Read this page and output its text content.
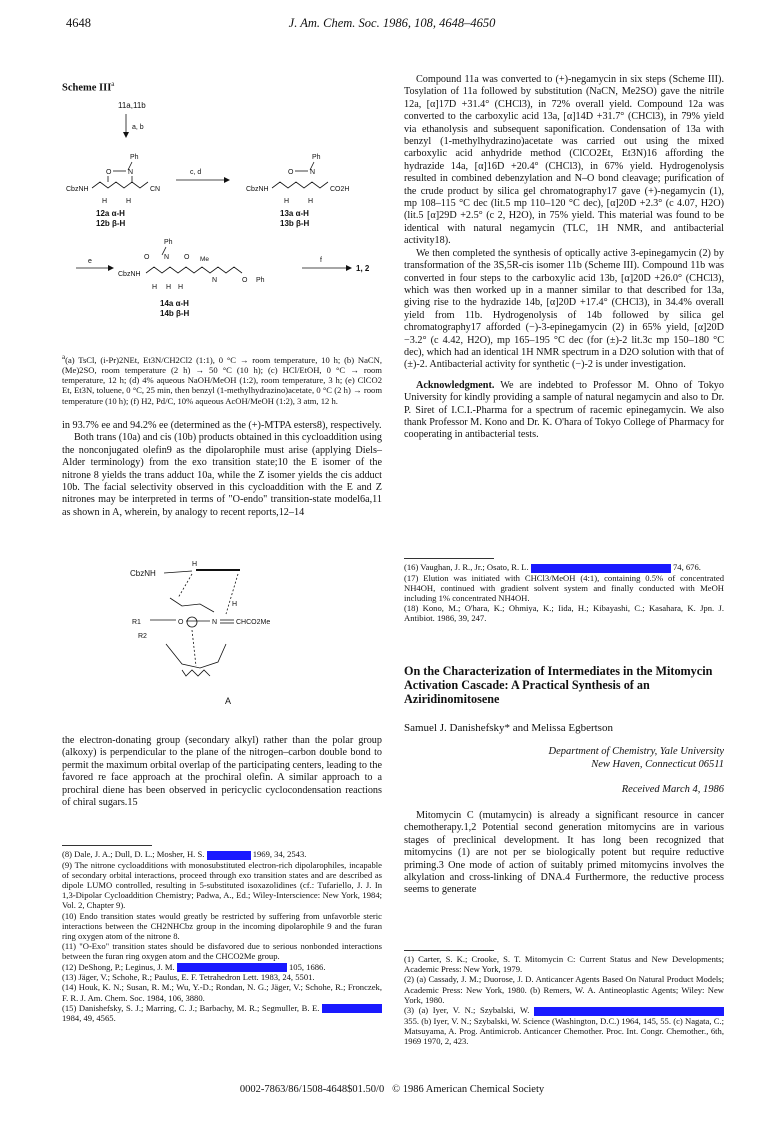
4648	J. Am. Chem. Soc. 1986, 108, 4648–4650
Scheme III$^a$
11a,11b
a, b
Ph
O N
CbzNH	CN
H	H
12a α-H
12b β-H
c, d
Ph
O N
CbzNH	CO2H
H	H
13a α-H
13b β-H
e
Ph
O N
CbzNH
O Me
N	O Ph
H H H
14a α-H
14b β-H
f
1, 2
$^a$(a) TsCl, (i-Pr)2NEt, Et3N/CH2Cl2 (1:1), 0 °C → room temperature, 10 h; (b) NaCN, (Me)2SO, room temperature (2 h) → 50 °C (10 h); (c) HCl/EtOH, 0 °C → room temperature, 12 h; (d) 4% aqueous NaOH/MeOH (1:2), room temperature, 3 h; (e) ClCO2 Et, Et3N, toluene, 0 °C, 25 min, then benzyl (1-methylhydrazino)acetate, 0 °C (2 h) → room temperature (10 h); (f) H2, Pd/C, 10% aqueous AcOH/MeOH (1:2), 3 atm, 12 h.

in 93.7% ee and 94.2% ee (determined as the (+)-MTPA esters8), respectively.

Both trans (10a) and cis (10b) products obtained in this cycloaddition using the nonconjugated olefin9 as the dipolarophile must arise (applying Diels–Alder terminology) from the exo transition state;10 the E isomer of the nitrone 8 yields the trans adduct 10a, while the Z isomer yields the cis adduct 10b. The facial selectivity observed in this cycloaddition with the E and Z nitrones may be interpreted in terms of "O-endo" transition-state model6a,11 as shown in A, wherein, by analogy to recent reports,12–14

CbzNH
H
H
R1
R2
O	N	CHCO2Me
A

the electron-donating group (secondary alkyl) rather than the polar group (alkoxy) is perpendicular to the plane of the nitrogen–carbon double bond to permit the maximum orbital overlap of the participating centers, leading to the favored re face approach at the prochiral olefin. A similar approach to a prochiral diene has been observed in pericyclic cyclocondensation reactions of chiral sugars.15

(8) Dale, J. A.; Dull, D. L.; Mosher, H. S.	1969, 34, 2543.
(9) The nitrone cycloadditions with monosubstituted electron-rich dipolarophiles, incapable of secondary orbital interactions, proceed through exo transition states and are described as dipole LUMO controlled, resulting in 5-substituted isoxazolidines (cf.: Tufariello, J. J. In 1,3-Dipolar Cycloaddition Chemistry; Padwa, A., Ed.; Wiley-Interscience: New York, 1984; Vol. 2, Chapter 9).
(10) Endo transition states would greatly be restricted by suffering from unfavorble steric interactions between the CH2NHCbz group in the incoming dipolarophile 9 and the furan ring oxygen atom of the nitrone 8.
(11) "O-Exo" transition states should be disfavored due to serious nonbonded interactions between the furan ring oxygen atom and the CHCO2Me group.
(12) DeShong, P.; Leginus, J. M.	105, 1686.
(13) Jäger, V.; Schohe, R.; Paulus, E. F. Tetrahedron Lett. 1983, 24, 5501.
(14) Houk, K. N.; Susan, R. M.; Wu, Y.-D.; Rondan, N. G.; Jäger, V.; Schohe, R.; Fronczek, F. R. J. Am. Chem. Soc. 1984, 106, 3880.
(15) Danishefsky, S. J.; Marring, C. J.; Barbachy, M. R.; Segmuller, B. E.  1984, 49, 4565.

Compound 11a was converted to (+)-negamycin in six steps (Scheme III). Tosylation of 11a followed by substitution (NaCN, Me2SO) gave the nitrile 12a, [α]17D +31.4° (CHCl3), in 72% overall yield. Compound 12a was converted to the carboxylic acid 13a, [α]14D +31.7° (CHCl3), in 79% yield via ethanolysis and subsequent saponification. Condensation of 13a with benzyl (1-methylhydrazino)acetate was carried out using the mixed carboxylic acid anhydride method (ClCO2Et, Et3N)16 affording the hydrazide 14a, [α]16D +20.4° (CHCl3), in 67% yield. Hydrogenolysis resulted in combined debenzylation and N–O bond cleavage; purification of the crude product by silica gel chromatography17 gave (+)-negamycin (1), mp 108–115 °C dec (lit.5 mp 110–120 °C dec), [α]20D +2.3° (c 4.07, H2O) (lit.5 [α]29D +2.5° (c 2, H2O), in 75% yield. This material was found to be identical with natural negamycin (TLC, 1H NMR, and antibacterial activity18).

We then completed the synthesis of optically active 3-epinegamycin (2) by transformation of the 3S,5R-cis isomer 11b (Scheme III). Compound 11b was converted in four steps to the carboxylic acid 13b, [α]20D +26.0° (CHCl3), which was then worked up in a manner similar to that described for 13a, giving rise to the hydrazide 14b, [α]20D +17.4° (CHCl3), in 34.4% overall yield from 11b. Hydrogenolysis of 14b followed by silica gel chromatography17 afforded (−)-3-epinegamycin (2) in 65% yield, [α]20D −3.2° (c 4.42, H2O), mp 165–195 °C dec (for (±)-2 lit.3c mp 150–180 °C dec), which had an identical 1H NMR spectrum in a D2O solution with that of (±)-2. Antibacterial activity for synthetic (−)-2 is under investigation.

Acknowledgment. We are indebted to Professor M. Ohno of Tokyo University for kindly providing a sample of natural negamycin and also to Dr. P. Siret of I.C.I.-Pharma for a spectrum of racemic epinegamycin. We also thank Professor M. Kono and Dr. K. O'hara of Tokyo College of Pharmacy for cooperating in antibacterial tests.

(16) Vaughan, J. R., Jr.; Osato, R. L.	74, 676.
(17) Elution was initiated with CHCl3/MeOH (4:1), containing 0.5% of concentrated NH4OH, continued with gradient solvent system and finally conducted with MeOH including 1% concentrated NH4OH.
(18) Kono, M.; O'hara, K.; Ohmiya, K.; Iida, H.; Kibayashi, C.; Kasahara, K. Jpn. J. Antibiot. 1986, 39, 247.
On the Characterization of Intermediates in the Mitomycin Activation Cascade: A Practical Synthesis of an Aziridinomitosene
Samuel J. Danishefsky* and Melissa Egbertson
Department of Chemistry, Yale University
New Haven, Connecticut 06511
Received March 4, 1986

Mitomycin C (mutamycin) is already a significant resource in cancer chemotherapy.1,2 Potential second generation mitomycins are in various stages of preclinical development. It has long been recognized that mitomycins (1) are not per se biologically potent but require reductive priming.3 One mode of action of suitably primed mitomycins involves the alkylation and cross-linking of DNA.4 Furthermore, the reductive process seems to generate

(1) Carter, S. K.; Crooke, S. T. Mitomycin C: Current Status and New Developments; Academic Press: New York, 1979.
(2) (a) Cassady, J. M.; Duorose, J. D. Anticancer Agents Based On Natural Product Models; Academic Press: New York, 1980. (b) Remers, W. A. Antineoplastic Agents; Wiley: New York, 1980.
(3) (a) Iyer, V. N.; Szybalski, W.  355. (b) Iyer, V. N.; Szybalski, W. Science (Washington, D.C.) 1964, 145, 55. (c) Nagata, C.; Matsuyama, A. Prog. Antimicrob. Anticancer Chemother. Proc. Int. Congr. Chemother., 6th, 1969 1970, 2, 423.
0002-7863/86/1508-4648$01.50/0 © 1986 American Chemical Society
